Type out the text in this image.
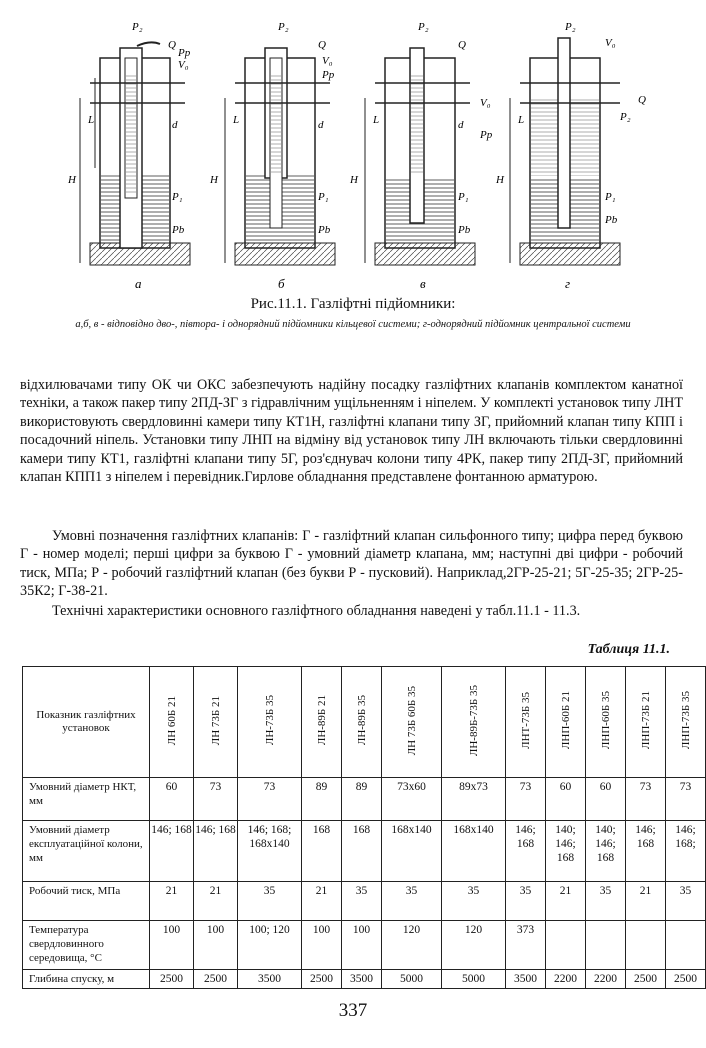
P₂
Q
Pp
V₀
d
L
H
P₁
Pb
а
P₂
Q
V₀
Pp
d
L
H
P₁
Pb
б
P₂
Q
V₀
Pp
d
L
H
P₁
Pb
в
P₂
V₀
Q
P₂
L
H
P₁
Pb
г
Рис.11.1. Газліфтні підйомники:
а,б, в - відповідно дво-, півтора- і однорядний підйомники кільцевої системи; г-однорядний підйомник центральної системи
відхилювачами типу ОК чи ОКС забезпечують надійну посадку газліфтних клапанів комплектом канатної техніки, а також пакер типу 2ПД-ЗГ з гідравлічним ущільненням і ніпелем. У комплекті установок типу ЛНТ використовують свердловинні камери типу КТ1Н, газліфтні клапани типу ЗГ, прийомний клапан типу КПП і посадочний ніпель. Установки типу ЛНП на відміну від установок типу ЛН включають тільки свердловинні камери типу КТ1, газліфтні клапани типу 5Г, роз'єднувач колони типу 4РК, пакер типу 2ПД-ЗГ, прийомний клапан КПП1 з ніпелем і перевідник.Гирлове обладнання представлене фонтанною арматурою.
Умовні позначення газліфтних клапанів: Г - газліфтний клапан сильфонного типу; цифра перед буквою Г - номер моделі; перші цифри за буквою Г - умовний діаметр клапана, мм; наступні дві цифри - робочий тиск, МПа; Р - робочий газліфтний клапан (без букви Р - пусковий). Наприклад,2ГР-25-21; 5Г-25-35; 2ГР-25-35К2; Г-38-21.
Технічні характеристики основного газліфтного обладнання наведені у табл.11.1 - 11.3.
Таблиця 11.1.
Показник газліфтних установок	ЛН 60Б 21	ЛН 73Б 21	ЛН-73Б 35	ЛН-89Б 21	ЛН-89Б 35	ЛН 73Б 60Б 35	ЛН-89Б-73Б 35	ЛНТ-73Б 35	ЛНП-60Б 21	ЛНП-60Б 35	ЛНП-73Б 21	ЛНП-73Б 35
Умовний діаметр НКТ, мм	60	73	73	89	89	73х60	89х73	73	60	60	73	73
Умовний діаметр експлуатаційної колони, мм	146; 168	146; 168	146; 168; 168х140	168	168	168х140	168х140	146; 168	140; 146; 168	140; 146; 168	146; 168	146; 168;
Робочий тиск, МПа	21	21	35	21	35	35	35	35	21	35	21	35
Температура свердловинного середовища, °С	100	100	100; 120	100	100	120	120	373				
Глибина спуску, м	2500	2500	3500	2500	3500	5000	5000	3500	2200	2200	2500	2500
337
